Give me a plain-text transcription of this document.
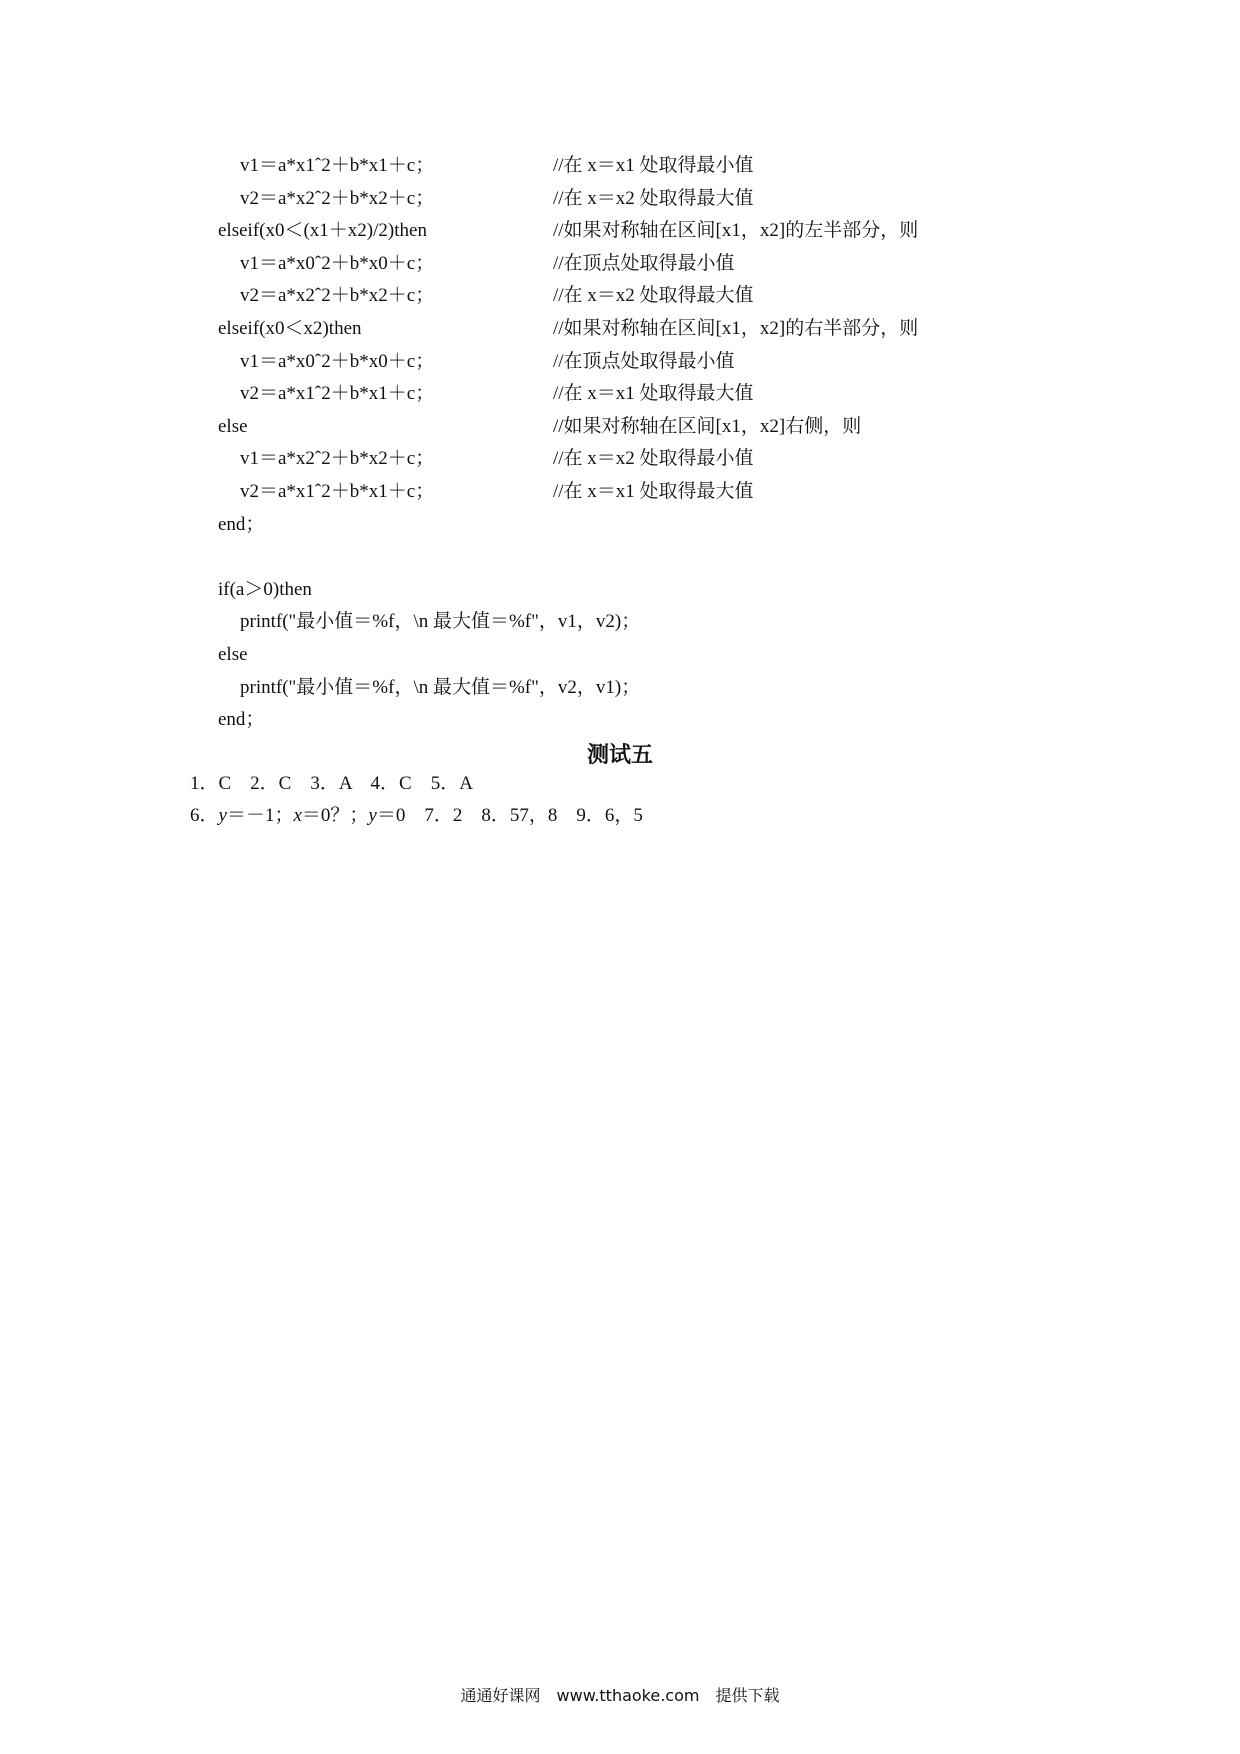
v1＝a*x1ˆ2＋b*x1＋c；	//在 x＝x1 处取得最小值
v2＝a*x2ˆ2＋b*x2＋c；	//在 x＝x2 处取得最大值
elseif(x0＜(x1＋x2)/2)then	//如果对称轴在区间[x1，x2]的左半部分，则
v1＝a*x0ˆ2＋b*x0＋c；	//在顶点处取得最小值
v2＝a*x2ˆ2＋b*x2＋c；	//在 x＝x2 处取得最大值
elseif(x0＜x2)then	//如果对称轴在区间[x1，x2]的右半部分，则
v1＝a*x0ˆ2＋b*x0＋c；	//在顶点处取得最小值
v2＝a*x1ˆ2＋b*x1＋c；	//在 x＝x1 处取得最大值
else	//如果对称轴在区间[x1，x2]右侧，则
v1＝a*x2ˆ2＋b*x2＋c；	//在 x＝x2 处取得最小值
v2＝a*x1ˆ2＋b*x1＋c；	//在 x＝x1 处取得最大值
end；
if(a＞0)then
printf("最小值＝%f，\n 最大值＝%f"，v1，v2)；
else
printf("最小值＝%f，\n 最大值＝%f"，v2，v1)；
end；
测试五
1．C　2．C　3．A　4．C　5．A
6．y＝－1；x＝0？；y＝0　7．2　8．57，8　9．6，5
通通好课网　www.tthaoke.com　提供下载
